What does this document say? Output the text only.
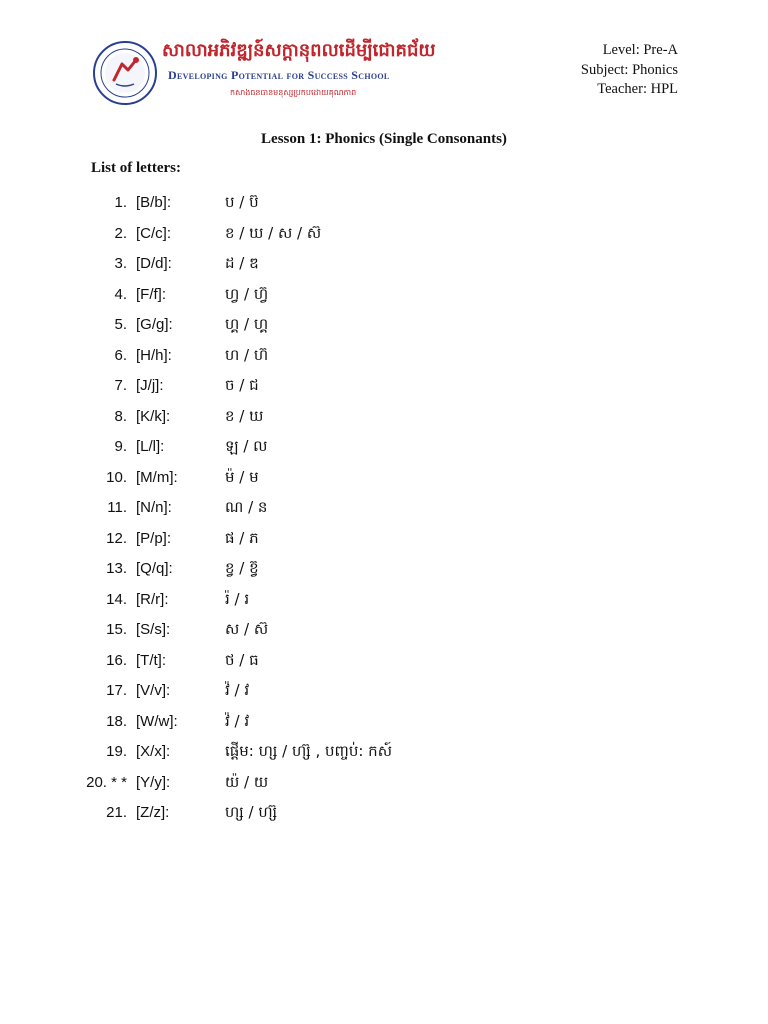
សាលាអភិវឌ្ឍន៍សក្ដានុពលដើម្បីជោគជ័យ
Developing Potential for Success School
កសាងធនធានមនុស្សប្រកបដោយគុណភាព
Level: Pre-A
Subject: Phonics
Teacher: HPL
Lesson 1: Phonics (Single Consonants)
List of letters:
1. [B/b]:	ប / ប៊
2. [C/c]:	ខ / ឃ / ស / ស៊
3. [D/d]:	ដ / ឌ
4. [F/f]:	ហ្វ / ហ្វ៊
5. [G/g]:	ហ្គ / ហ្គ
6. [H/h]:	ហ / ហ៊
7. [J/j]:	ច / ជ
8. [K/k]:	ខ / ឃ
9. [L/l]:	ឡ / ល
10. [M/m]:	ម៉ / ម
11. [N/n]:	ណ / ន
12. [P/p]:	ផ / ភ
13. [Q/q]:	ខ្វ / ខ្វ៊
14. [R/r]:	រ៉ / រ
15. [S/s]:	ស / ស៊
16. [T/t]:	ថ / ធ
17. [V/v]:	វ៉ / វ
18. [W/w]:	វ៉ / វ
19. [X/x]:	ផ្ដើម: ហ្ស / ហ្ស៊ , បញ្ចប់: កស៍
20. * * [Y/y]:	យ៉ / យ
21. [Z/z]:	ហ្ស / ហ្ស៊
